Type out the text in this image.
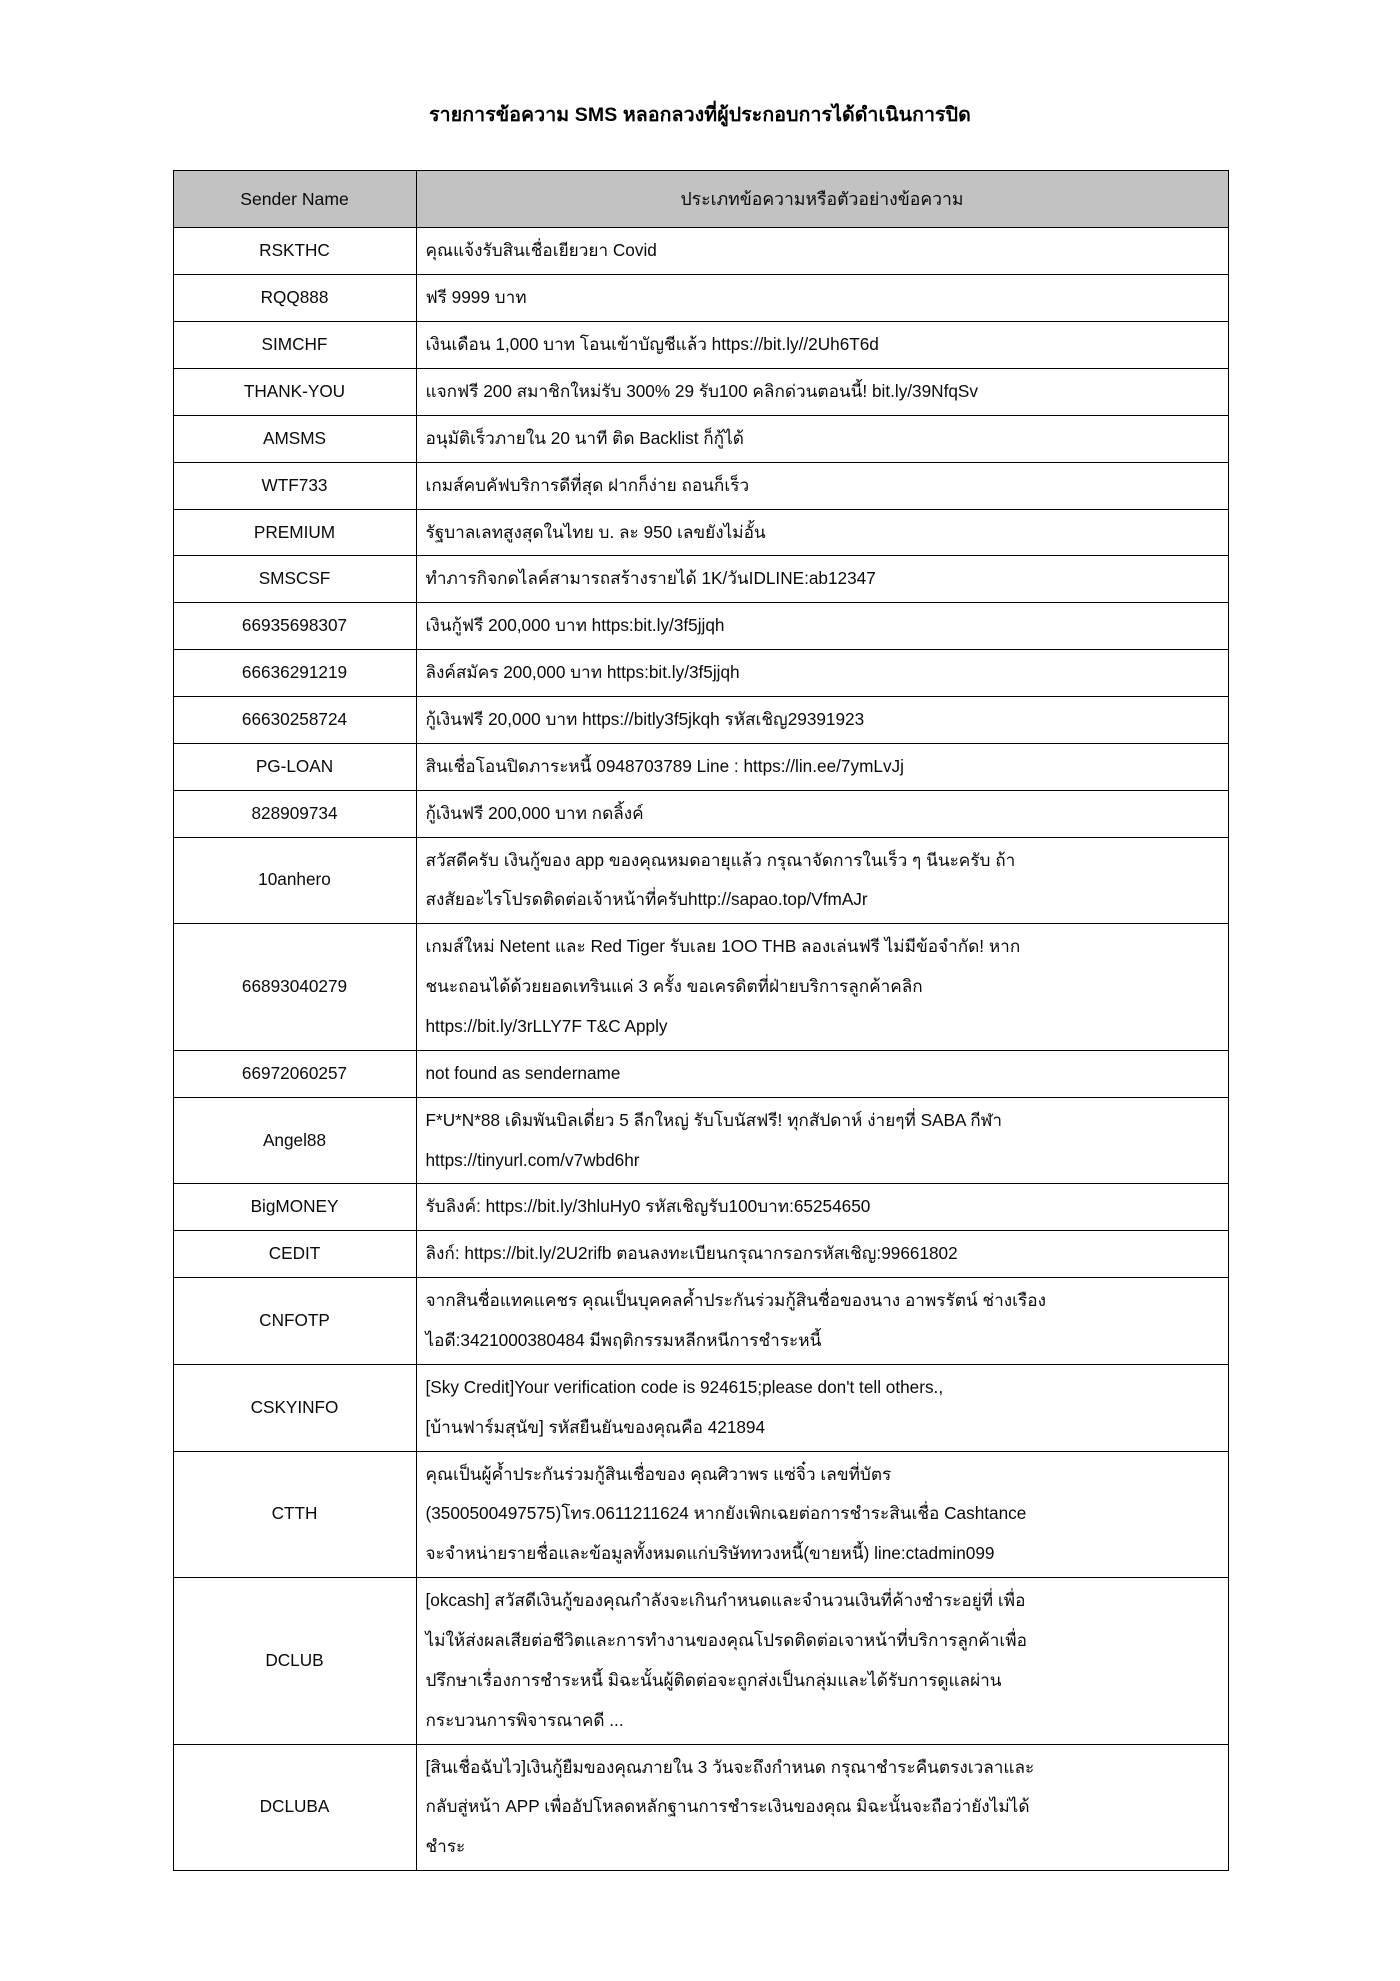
รายการข้อความ SMS หลอกลวงที่ผู้ประกอบการได้ดำเนินการปิด
Sender Name	ประเภทข้อความหรือตัวอย่างข้อความ
RSKTHC	คุณแจ้งรับสินเชื่อเยียวยา Covid

RQQ888	ฟรี 9999 บาท

SIMCHF	เงินเดือน 1,000 บาท โอนเข้าบัญชีแล้ว https://bit.ly//2Uh6T6d

THANK-YOU	แจกฟรี 200 สมาชิกใหม่รับ 300% 29 รับ100 คลิกด่วนตอนนี้! bit.ly/39NfqSv

AMSMS	อนุมัติเร็วภายใน 20 นาที ติด Backlist ก็กู้ได้

WTF733	เกมส์คบคัฟบริการดีที่สุด ฝากก็ง่าย ถอนก็เร็ว

PREMIUM	รัฐบาลเลทสูงสุดในไทย บ. ละ 950 เลขยังไม่อั้น

SMSCSF	ทำภารกิจกดไลค์สามารถสร้างรายได้ 1K/วันIDLINE:ab12347

66935698307	เงินกู้ฟรี 200,000 บาท https:bit.ly/3f5jjqh

66636291219	ลิงค์สมัคร 200,000 บาท https:bit.ly/3f5jjqh

66630258724	กู้เงินฟรี 20,000 บาท https://bitly3f5jkqh รหัสเชิญ29391923

PG-LOAN	สินเชื่อโอนปิดภาระหนี้ 0948703789 Line : https://lin.ee/7ymLvJj

828909734	กู้เงินฟรี 200,000 บาท กดลิ้งค์

10anhero	สวัสดีครับ เงินกู้ของ app ของคุณหมดอายุแล้ว กรุณาจัดการในเร็ว ๆ นีนะครับ ถ้า
สงสัยอะไรโปรดติดต่อเจ้าหน้าที่ครับhttp://sapao.top/VfmAJr

66893040279	เกมส์ใหม่ Netent และ Red Tiger รับเลย 1OO THB ลองเล่นฟรี ไม่มีข้อจำกัด! หาก
ชนะถอนได้ด้วยยอดเทรินแค่ 3 ครั้ง ขอเครดิตที่ฝ่ายบริการลูกค้าคลิก
https://bit.ly/3rLLY7F T&C Apply

66972060257	not found as sendername

Angel88	F*U*N*88 เดิมพันบิลเดี่ยว 5 ลีกใหญ่ รับโบนัสฟรี! ทุกสัปดาห์ ง่ายๆที่ SABA กีฬา
https://tinyurl.com/v7wbd6hr

BigMONEY	รับลิงค์: https://bit.ly/3hluHy0 รหัสเชิญรับ100บาท:65254650

CEDIT	ลิงก์: https://bit.ly/2U2rifb ตอนลงทะเบียนกรุณากรอกรหัสเชิญ:99661802

CNFOTP	จากสินชื่อแทคแคชร คุณเป็นบุคคลค้ำประกันร่วมกู้สินชื่อของนาง อาพรรัตน์ ช่างเรือง
ไอดี:3421000380484 มีพฤติกรรมหลีกหนีการชำระหนี้

CSKYINFO	[Sky Credit]Your verification code is 924615;please don't tell others.,
[บ้านฟาร์มสุนัข] รหัสยืนยันของคุณคือ 421894

CTTH	คุณเป็นผู้ค้ำประกันร่วมกู้สินเชื่อของ คุณศิวาพร แซ่จิ๋ว เลขที่บัตร
(3500500497575)โทร.0611211624 หากยังเพิกเฉยต่อการชำระสินเชื่อ Cashtance
จะจำหน่ายรายชื่อและข้อมูลทั้งหมดแก่บริษัททวงหนี้(ขายหนี้) line:ctadmin099

DCLUB	[okcash] สวัสดีเงินกู้ของคุณกำลังจะเกินกำหนดและจำนวนเงินที่ค้างชำระอยู่ที่ เพื่อ
ไม่ให้ส่งผลเสียต่อชีวิตและการทำงานของคุณโปรดติดต่อเจาหน้าที่บริการลูกค้าเพื่อ
ปรึกษาเรื่องการชำระหนี้ มิฉะนั้นผู้ติดต่อจะถูกส่งเป็นกลุ่มและได้รับการดูแลผ่าน
กระบวนการพิจารณาคดี ...

DCLUBA	[สินเชื่อฉับไว]เงินกู้ยืมของคุณภายใน 3 วันจะถึงกำหนด กรุณาชำระคืนตรงเวลาและ
กลับสู่หน้า APP เพื่ออัปโหลดหลักฐานการชำระเงินของคุณ มิฉะนั้นจะถือว่ายังไม่ได้
ชำระ
